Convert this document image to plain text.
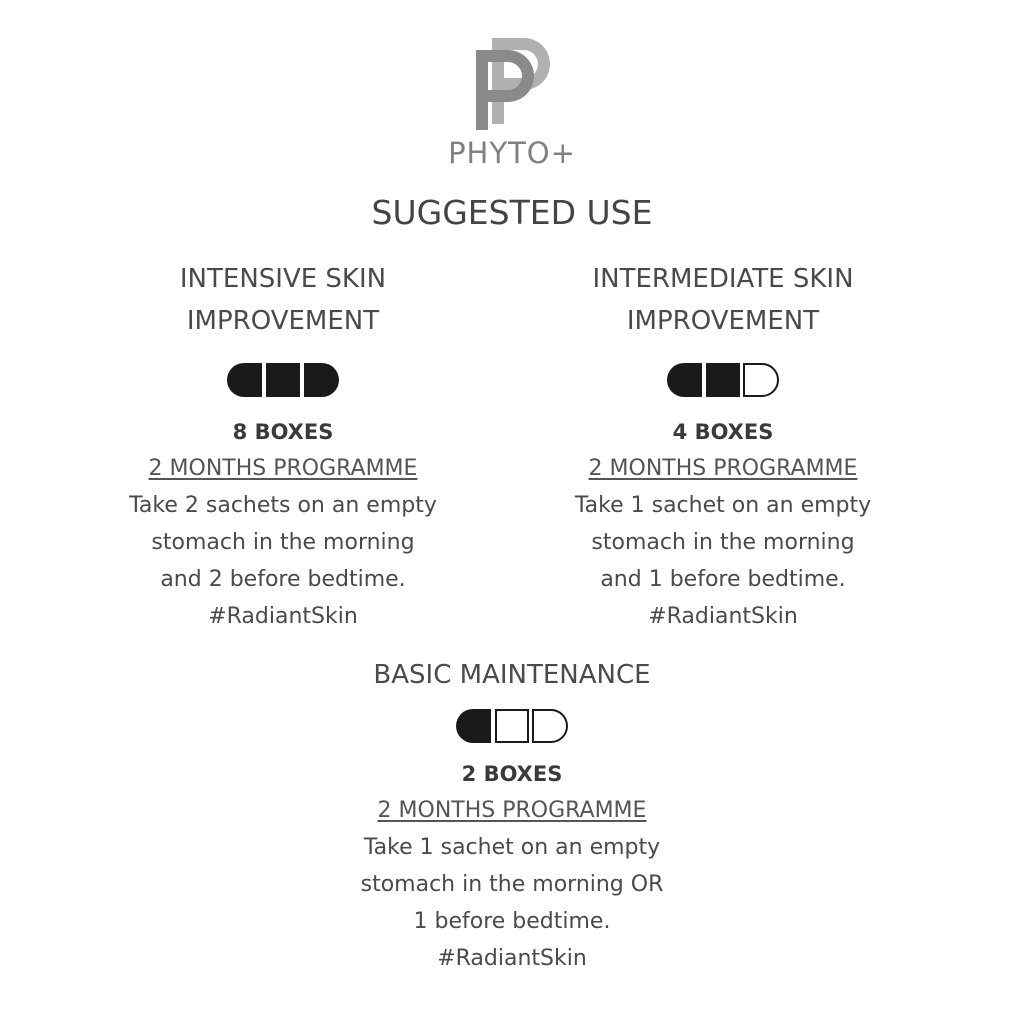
PHYTO+
SUGGESTED USE
INTENSIVE SKIN
IMPROVEMENT

8 BOXES

2 MONTHS PROGRAMME

Take 2 sachets on an empty
stomach in the morning
and 2 before bedtime.

#RadiantSkin

INTERMEDIATE SKIN
IMPROVEMENT

4 BOXES

2 MONTHS PROGRAMME

Take 1 sachet on an empty
stomach in the morning
and 1 before bedtime.

#RadiantSkin

BASIC MAINTENANCE

2 BOXES

2 MONTHS PROGRAMME

Take 1 sachet on an empty
stomach in the morning OR
1 before bedtime.

#RadiantSkin
